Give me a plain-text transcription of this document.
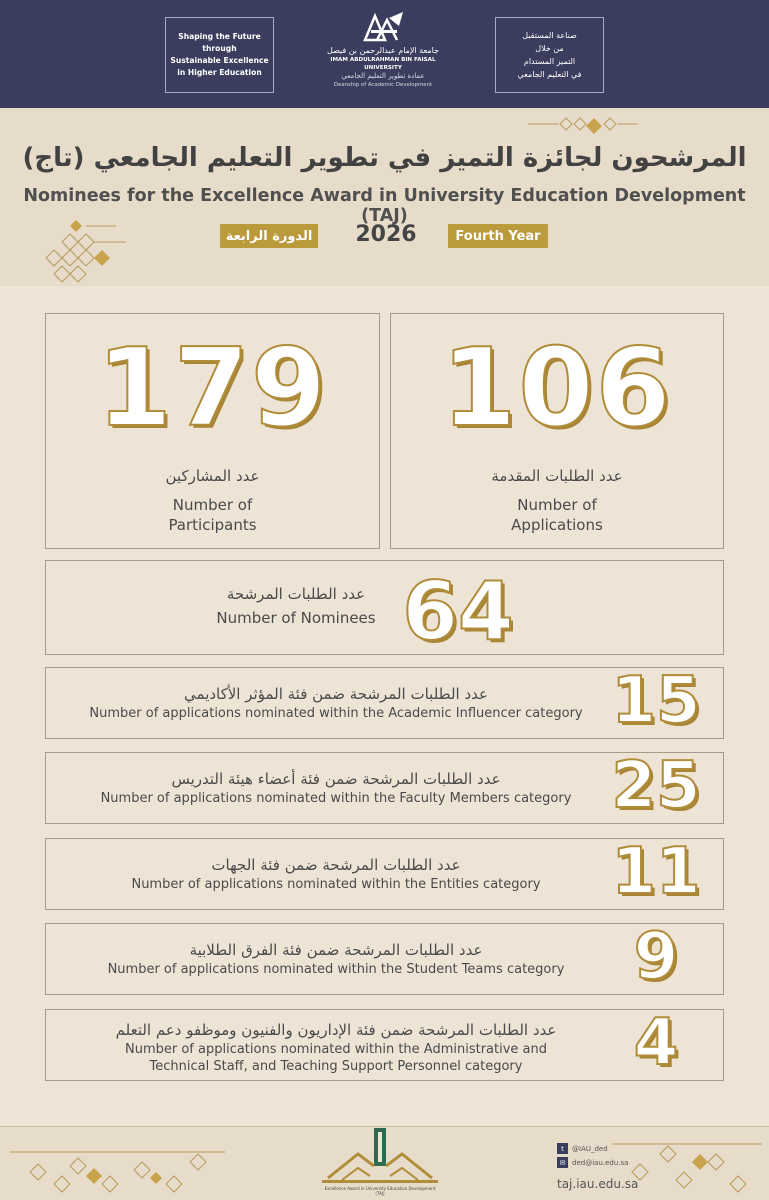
Shaping the Future
through
Sustainable Excellence
in Higher Education
جامعة الإمام عبدالرحمن بن فيصل
IMAM ABDULRAHMAN BIN FAISAL UNIVERSITY
عمادة تطوير التعليم الجامعي
Deanship of Academic Development
صناعة المستقبل
من خلال
التميز المستدام
في التعليم الجامعي
المرشحون لجائزة التميز في تطوير التعليم الجامعي (تاج)
Nominees for the Excellence Award in University Education Development (TAJ)
الدورة الرابعة	2026	Fourth Year
179
عدد المشاركين
Number of
Participants
106
عدد الطلبات المقدمة
Number of
Applications
عدد الطلبات المرشحة
Number of Nominees 64
عدد الطلبات المرشحة ضمن فئة المؤثر الأكاديمي
Number of applications nominated within the Academic Influencer category 15
عدد الطلبات المرشحة ضمن فئة أعضاء هيئة التدريس
Number of applications nominated within the Faculty Members category 25
عدد الطلبات المرشحة ضمن فئة الجهات
Number of applications nominated within the Entities category	11
عدد الطلبات المرشحة ضمن فئة الفرق الطلابية
Number of applications nominated within the Student Teams category	9
عدد الطلبات المرشحة ضمن فئة الإداريون والفنيون وموظفو دعم التعلم
Number of applications nominated within the Administrative and
Technical Staff, and Teaching Support Personnel category	4
Excellence Award in University Education Development (TAJ)
t	@IAU_ded
✉ ded@iau.edu.sa
taj.iau.edu.sa
